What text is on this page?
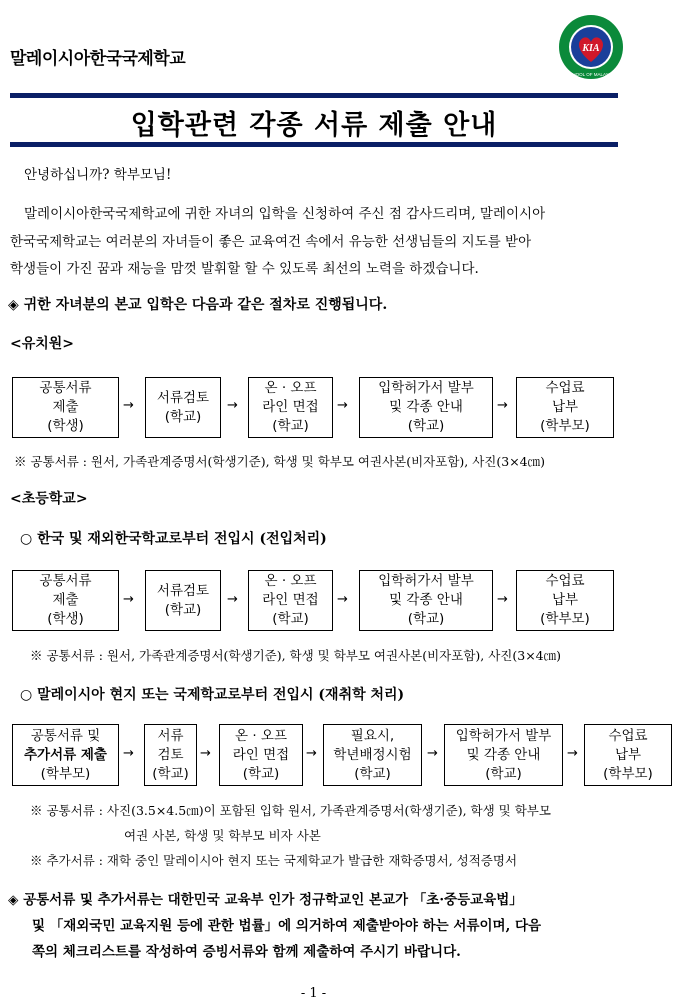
말레이시아한국국제학교
KIA
SCHOOL OF MALAYSIA
입학관련 각종 서류 제출 안내
안녕하십니까? 학부모님!
말레이시아한국국제학교에 귀한 자녀의 입학을 신청하여 주신 점 감사드리며, 말레이시아
한국국제학교는 여러분의 자녀들이 좋은 교육여건 속에서 유능한 선생님들의 지도를 받아
학생들이 가진 꿈과 재능을 맘껏 발휘할 할 수 있도록 최선의 노력을 하겠습니다.
◈ 귀한 자녀분의 본교 입학은 다음과 같은 절차로 진행됩니다.
<유치원>
공통서류
제출
(학생)
→	서류검토
(학교)
→
온 · 오프
라인 면접
(학교)
→
입학허가서 발부
및 각종 안내
(학교)
→
수업료
납부
(학부모)
※ 공통서류 : 원서, 가족관계증명서(학생기준), 학생 및 학부모 여권사본(비자포함), 사진(3×4㎝)
<초등학교>
○ 한국 및 재외한국학교로부터 전입시 (전입처리)
공통서류
제출
(학생)
→
서류검토
(학교)
→
온 · 오프
라인 면접
(학교)
→
입학허가서 발부
및 각종 안내
(학교)
→
수업료
납부
(학부모)
※ 공통서류 : 원서, 가족관계증명서(학생기준), 학생 및 학부모 여권사본(비자포함), 사진(3×4㎝)
○ 말레이시아 현지 또는 국제학교로부터 전입시 (재취학 처리)
공통서류 및
추가서류 제출
(학부모)
→
서류
검토
(학교)
→
온 · 오프
라인 면접
(학교)
→
필요시,
학년배정시험
(학교)
→
입학허가서 발부
및 각종 안내
(학교)
→
수업료
납부
(학부모)
※ 공통서류 : 사진(3.5×4.5㎝)이 포함된 입학 원서, 가족관계증명서(학생기준), 학생 및 학부모
여권 사본, 학생 및 학부모 비자 사본
※ 추가서류 : 재학 중인 말레이시아 현지 또는 국제학교가 발급한 재학증명서, 성적증명서
◈ 공통서류 및 추가서류는 대한민국 교육부 인가 정규학교인 본교가 「초·중등교육법」
및 「재외국민 교육지원 등에 관한 법률」에 의거하여 제출받아야 하는 서류이며, 다음
쪽의 체크리스트를 작성하여 증빙서류와 함께 제출하여 주시기 바랍니다.
- 1 -
